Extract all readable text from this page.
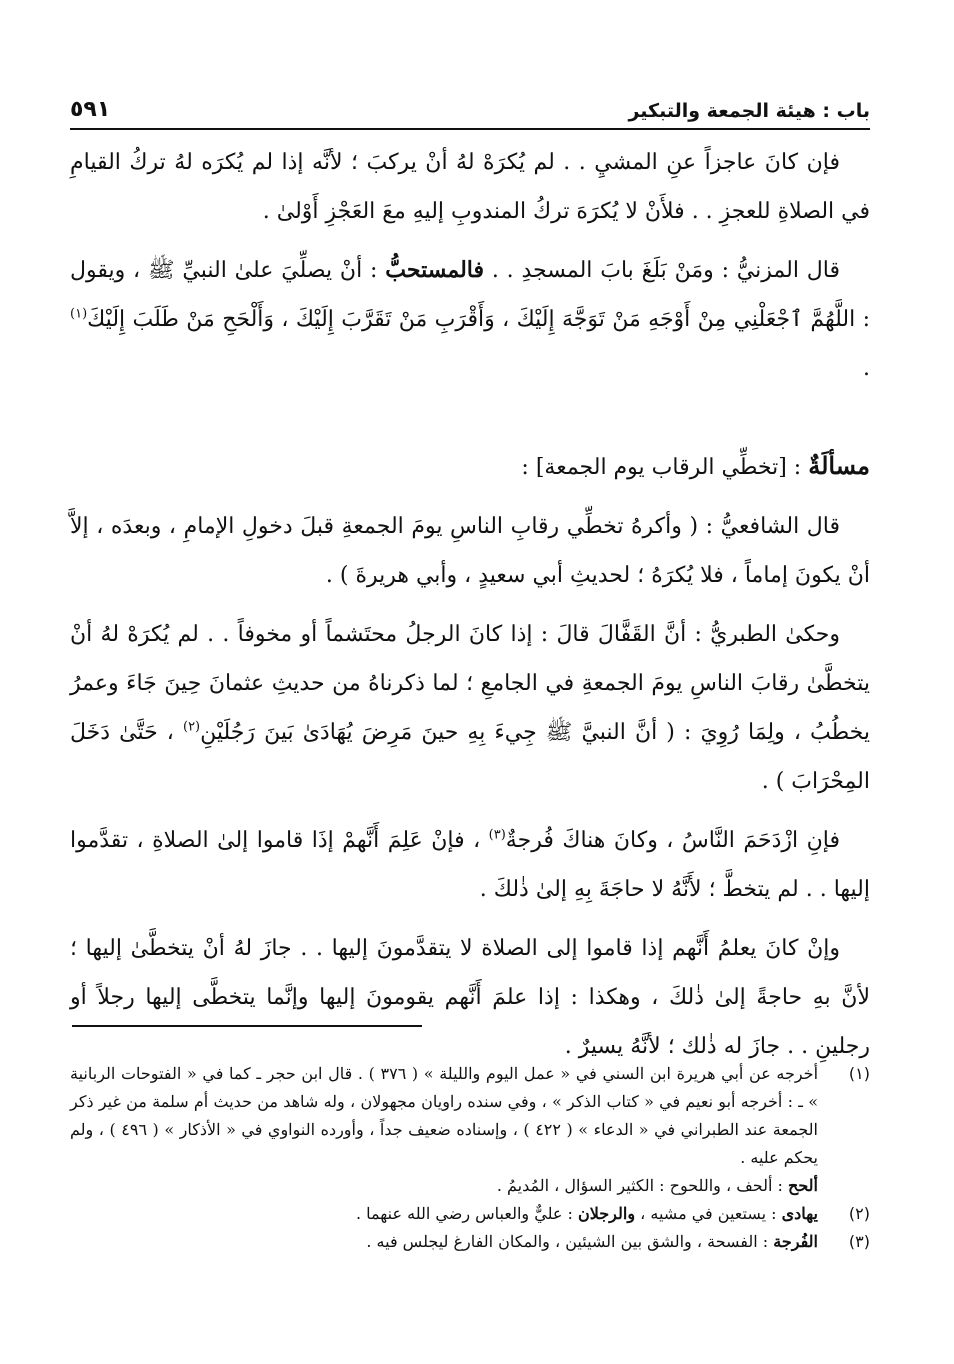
باب : هيئة الجمعة والتبكير
٥٩١

فإن كانَ عاجزاً عنِ المشيِ . . لم يُكرَهْ لهُ أنْ يركبَ ؛ لأنَّه إذا لم يُكرَه لهُ تركُ القيامِ في الصلاةِ للعجزِ . . فلأَنْ لا يُكرَهَ تركُ المندوبِ إليهِ معَ العَجْزِ أَوْلىٰ .

قال المزنيُّ : ومَنْ بَلَغَ بابَ المسجدِ . . فالمستحبُّ : أنْ يصلِّيَ علىٰ النبيِّ ﷺ ، ويقول : اللَّهُمَّ ٱجْعَلْنِي مِنْ أَوْجَهِ مَنْ تَوَجَّهَ إِلَيْكَ ، وَأَقْرَبِ مَنْ تَقَرَّبَ إِلَيْكَ ، وَأَلْحَحِ مَنْ طَلَبَ إِلَيْكَ$^{(١)}$ .

مسألَةٌ : [تخطِّي الرقاب يوم الجمعة] :

قال الشافعيُّ : ( وأكرهُ تخطِّي رقابِ الناسِ يومَ الجمعةِ قبلَ دخولِ الإمامِ ، وبعدَه ، إلاَّ أنْ يكونَ إماماً ، فلا يُكرَهُ ؛ لحديثِ أبي سعيدٍ ، وأبي هريرةَ ) .

وحكىٰ الطبريُّ : أنَّ القَفَّالَ قالَ : إذا كانَ الرجلُ محتَشماً أو مخوفاً . . لم يُكرَهْ لهُ أنْ يتخطَّىٰ رقابَ الناسِ يومَ الجمعةِ في الجامعِ ؛ لما ذكرناهُ من حديثِ عثمانَ حِينَ جَاءَ وعمرُ يخطُبُ ، ولِمَا رُوِيَ : ( أنَّ النبيَّ ﷺ جِيءَ بِهِ حينَ مَرِضَ يُهَادَىٰ بَينَ رَجُلَيْنِ$^{(٢)}$ ، حَتَّىٰ دَخَلَ المِحْرَابَ ) .

فإنِ ازْدَحَمَ النَّاسُ ، وكانَ هناكَ فُرجةٌ$^{(٣)}$ ، فإنْ عَلِمَ أَنَّهمْ إذَا قاموا إلىٰ الصلاةِ ، تقدَّموا إليها . . لم يتخطَّ ؛ لأَنَّهُ لا حاجَةَ بِهِ إلىٰ ذٰلكَ .

وإنْ كانَ يعلمُ أَنَّهم إذا قاموا إلى الصلاة لا يتقدَّمونَ إليها . . جازَ لهُ أنْ يتخطَّىٰ إليها ؛ لأنَّ بهِ حاجةً إلىٰ ذٰلكَ ، وهكذا : إذا علمَ أَنَّهم يقومونَ إليها وإنَّما يتخطَّى إليها رجلاً أو رجلينِ . . جازَ له ذٰلك ؛ لأنَّهُ يسيرٌ .

(١)
أخرجه عن أبي هريرة ابن السني في « عمل اليوم والليلة » ( ٣٧٦ ) . قال ابن حجر ـ كما في « الفتوحات الربانية » ـ : أخرجه أبو نعيم في « كتاب الذكر » ، وفي سنده راويان مجهولان ، وله شاهد من حديث أم سلمة من غير ذكر الجمعة عند الطبراني في « الدعاء » ( ٤٢٢ ) ، وإسناده ضعيف جداً ، وأورده النواوي في « الأذكار » ( ٤٩٦ ) ، ولم يحكم عليه .
ألحح : ألحف ، واللحوح : الكثير السؤال ، المُديمُ .
(٢)
يهادى : يستعين في مشيه ، والرجلان : عليٌّ والعباس رضي الله عنهما .
(٣)
الفُرجة : الفسحة ، والشق بين الشيئين ، والمكان الفارغ ليجلس فيه .
